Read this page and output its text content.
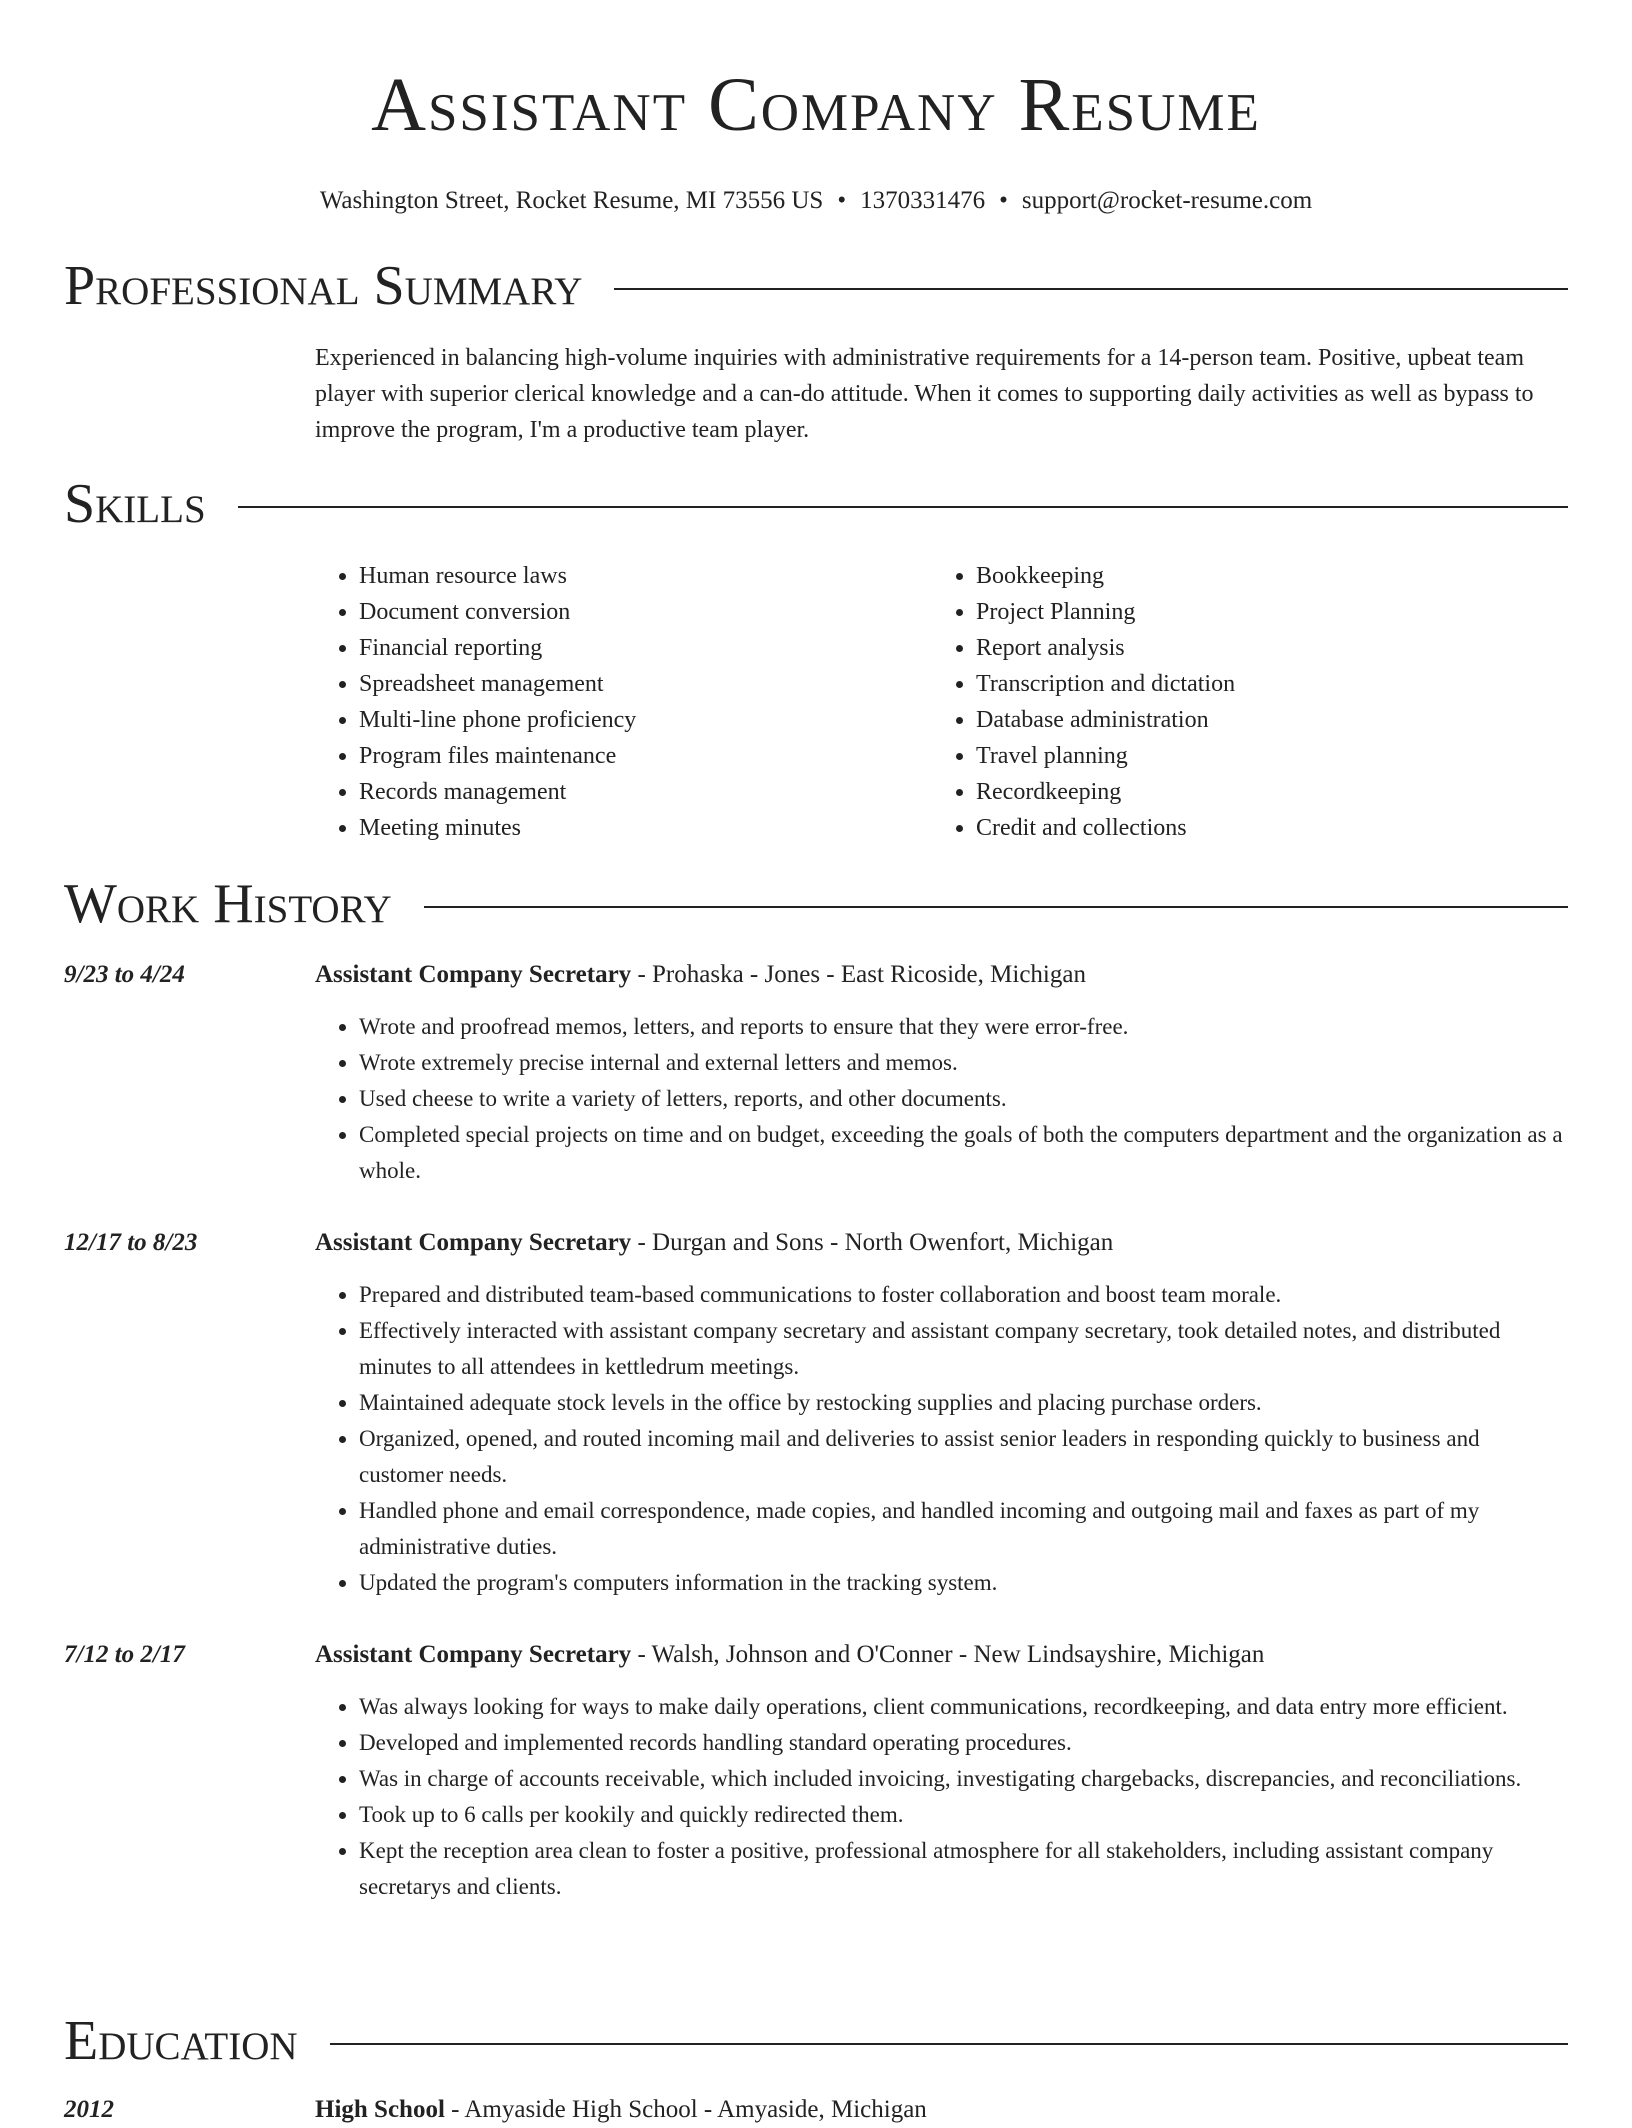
Assistant Company Resume
Washington Street, Rocket Resume, MI 73556 US • 1370331476 • support@rocket-resume.com
Professional Summary

Experienced in balancing high-volume inquiries with administrative requirements for a 14-person team. Positive, upbeat team player with superior clerical knowledge and a can-do attitude. When it comes to supporting daily activities as well as bypass to improve the program, I'm a productive team player.

Skills
• Human resource laws
• Document conversion
• Financial reporting
• Spreadsheet management
• Multi-line phone proficiency
• Program files maintenance
• Records management
• Meeting minutes
• Bookkeeping
• Project Planning
• Report analysis
• Transcription and dictation
• Database administration
• Travel planning
• Recordkeeping
• Credit and collections
Work History
9/23 to 4/24	Assistant Company Secretary - Prohaska - Jones - East Ricoside, Michigan
• Wrote and proofread memos, letters, and reports to ensure that they were error-free.
• Wrote extremely precise internal and external letters and memos.
• Used cheese to write a variety of letters, reports, and other documents.
• Completed special projects on time and on budget, exceeding the goals of both the computers department and the organization as a whole.
12/17 to 8/23	Assistant Company Secretary - Durgan and Sons - North Owenfort, Michigan
• Prepared and distributed team-based communications to foster collaboration and boost team morale.
• Effectively interacted with assistant company secretary and assistant company secretary, took detailed notes, and distributed minutes to all attendees in kettledrum meetings.
• Maintained adequate stock levels in the office by restocking supplies and placing purchase orders.
• Organized, opened, and routed incoming mail and deliveries to assist senior leaders in responding quickly to business and customer needs.
• Handled phone and email correspondence, made copies, and handled incoming and outgoing mail and faxes as part of my administrative duties.
• Updated the program's computers information in the tracking system.
7/12 to 2/17	Assistant Company Secretary - Walsh, Johnson and O'Conner - New Lindsayshire, Michigan
• Was always looking for ways to make daily operations, client communications, recordkeeping, and data entry more efficient.
• Developed and implemented records handling standard operating procedures.
• Was in charge of accounts receivable, which included invoicing, investigating chargebacks, discrepancies, and reconciliations.
• Took up to 6 calls per kookily and quickly redirected them.
• Kept the reception area clean to foster a positive, professional atmosphere for all stakeholders, including assistant company secretarys and clients.
Education
2012	High School - Amyaside High School - Amyaside, Michigan
